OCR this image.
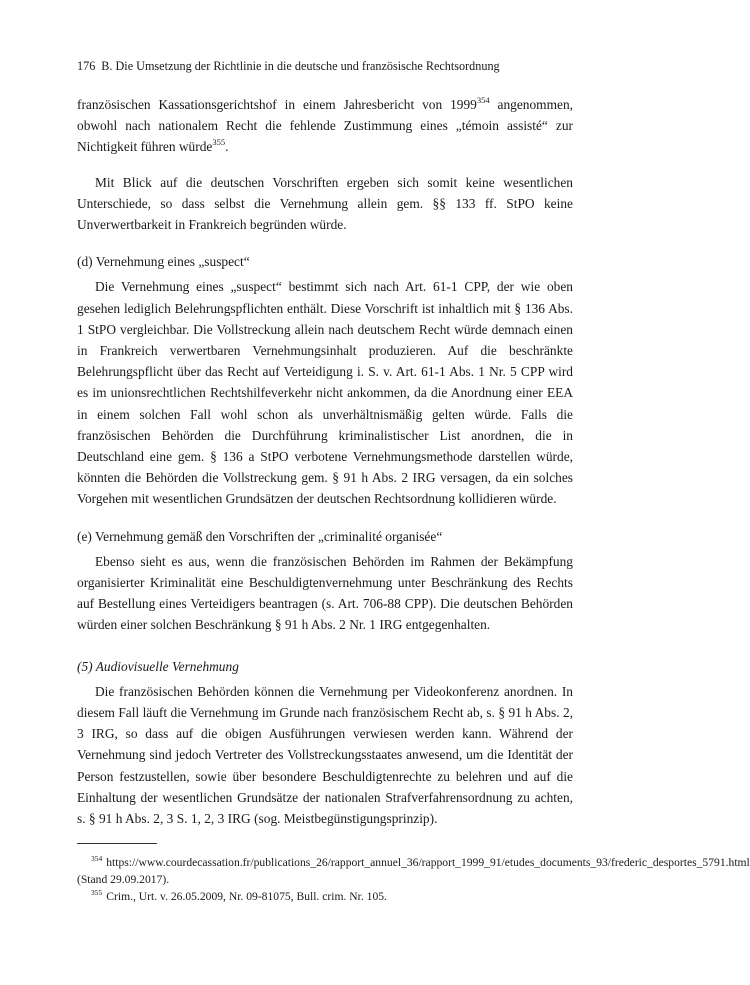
176 B. Die Umsetzung der Richtlinie in die deutsche und französische Rechtsordnung

französischen Kassationsgerichtshof in einem Jahresbericht von 1999$^{354}$ angenommen, obwohl nach nationalem Recht die fehlende Zustimmung eines „témoin assisté“ zur Nichtigkeit führen würde$^{355}$.

Mit Blick auf die deutschen Vorschriften ergeben sich somit keine wesentlichen Unterschiede, so dass selbst die Vernehmung allein gem. §§ 133 ff. StPO keine Unverwertbarkeit in Frankreich begründen würde.

(d) Vernehmung eines „suspect“

Die Vernehmung eines „suspect“ bestimmt sich nach Art. 61-1 CPP, der wie oben gesehen lediglich Belehrungspflichten enthält. Diese Vorschrift ist inhaltlich mit § 136 Abs. 1 StPO vergleichbar. Die Vollstreckung allein nach deutschem Recht würde demnach einen in Frankreich verwertbaren Vernehmungsinhalt produzieren. Auf die beschränkte Belehrungspflicht über das Recht auf Verteidigung i. S. v. Art. 61-1 Abs. 1 Nr. 5 CPP wird es im unionsrechtlichen Rechtshilfeverkehr nicht ankommen, da die Anordnung einer EEA in einem solchen Fall wohl schon als unverhältnismäßig gelten würde. Falls die französischen Behörden die Durchführung kriminalistischer List anordnen, die in Deutschland eine gem. § 136 a StPO verbotene Vernehmungsmethode darstellen würde, könnten die Behörden die Vollstreckung gem. § 91 h Abs. 2 IRG versagen, da ein solches Vorgehen mit wesentlichen Grundsätzen der deutschen Rechtsordnung kollidieren würde.

(e) Vernehmung gemäß den Vorschriften der „criminalité organisée“

Ebenso sieht es aus, wenn die französischen Behörden im Rahmen der Bekämpfung organisierter Kriminalität eine Beschuldigtenvernehmung unter Beschränkung des Rechts auf Bestellung eines Verteidigers beantragen (s. Art. 706-88 CPP). Die deutschen Behörden würden einer solchen Beschränkung § 91 h Abs. 2 Nr. 1 IRG entgegenhalten.

(5) Audiovisuelle Vernehmung

Die französischen Behörden können die Vernehmung per Videokonferenz anordnen. In diesem Fall läuft die Vernehmung im Grunde nach französischem Recht ab, s. § 91 h Abs. 2, 3 IRG, so dass auf die obigen Ausführungen verwiesen werden kann. Während der Vernehmung sind jedoch Vertreter des Vollstreckungsstaates anwesend, um die Identität der Person festzustellen, sowie über besondere Beschuldigtenrechte zu belehren und auf die Einhaltung der wesentlichen Grundsätze der nationalen Strafverfahrensordnung zu achten, s. § 91 h Abs. 2, 3 S. 1, 2, 3 IRG (sog. Meistbegünstigungsprinzip).

$^{354}$ https://www.courdecassation.fr/publications_26/rapport_annuel_36/rapport_1999_91/etudes_documents_93/frederic_desportes_5791.html (Stand 29.09.2017).

$^{355}$ Crim., Urt. v. 26.05.2009, Nr. 09-81075, Bull. crim. Nr. 105.
